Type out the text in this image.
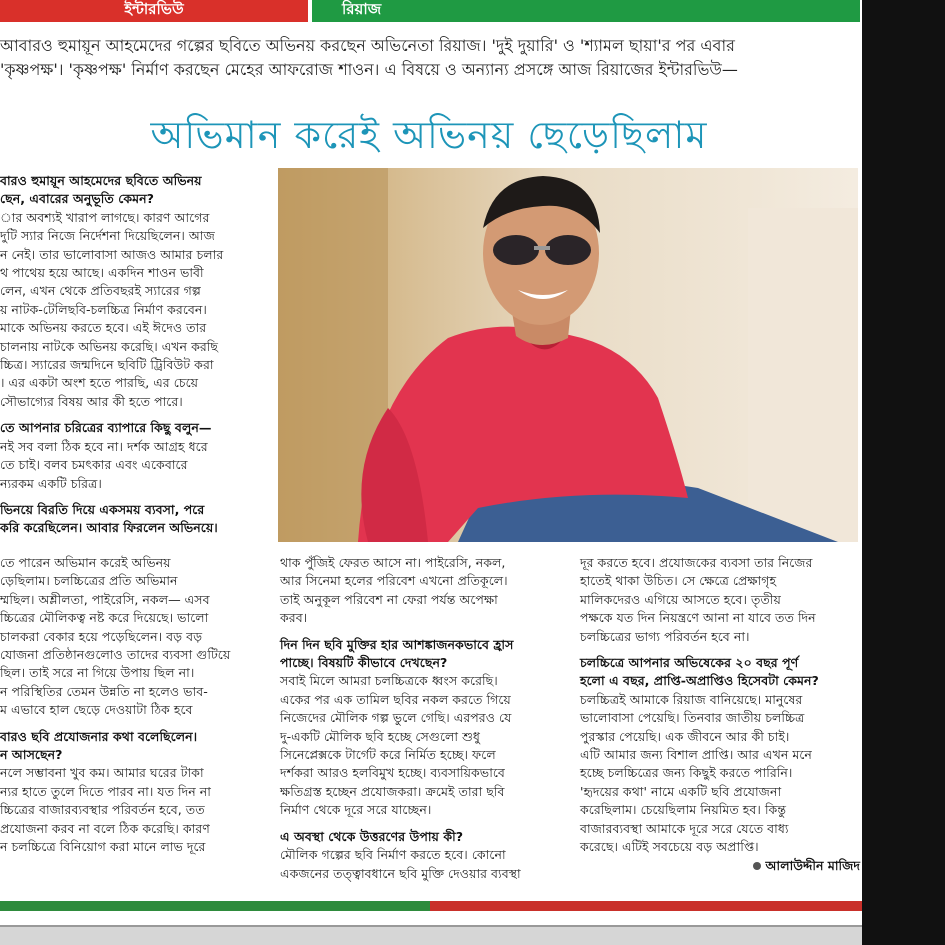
ইন্টারভিউ	রিয়াজ
আবারও হুমায়ূন আহমেদের গল্পের ছবিতে অভিনয় করছেন অভিনেতা রিয়াজ। 'দুই দুয়ারি' ও 'শ্যামল ছায়া'র পর এবার
'কৃষ্ণপক্ষ'। 'কৃষ্ণপক্ষ' নির্মাণ করছেন মেহের আফরোজ শাওন। এ বিষয়ে ও অন্যান্য প্রসঙ্গে আজ রিয়াজের ইন্টারভিউ—
অভিমান করেই অভিনয় ছেড়েছিলাম

বারও হুমায়ূন আহমেদের ছবিতে অভিনয়

ছেন, এবারের অনুভূতি কেমন?

ার অবশ্যই খারাপ লাগছে। কারণ আগের

দুটি স্যার নিজে নির্দেশনা দিয়েছিলেন। আজ

ন নেই। তার ভালোবাসা আজও আমার চলার

থ পাথেয় হয়ে আছে। একদিন শাওন ভাবী

লেন, এখন থেকে প্রতিবছরই স্যারের গল্প

য় নাটক-টেলিছবি-চলচ্চিত্র নির্মাণ করবেন।

মাকে অভিনয় করতে হবে। এই ঈদেও তার

চালনায় নাটকে অভিনয় করেছি। এখন করছি

চ্চিত্র। স্যারের জন্মদিনে ছবিটি ট্রিবিউট করা

। এর একটা অংশ হতে পারছি, এর চেয়ে

সৌভাগ্যের বিষয় আর কী হতে পারে।

তে আপনার চরিত্রের ব্যাপারে কিছু বলুন—

নই সব বলা ঠিক হবে না। দর্শক আগ্রহ ধরে

তে চাই। বলব চমৎকার এবং একেবারে

ন্যরকম একটি চরিত্র।

ভিনয়ে বিরতি দিয়ে একসময় ব্যবসা, পরে

করি করেছিলেন। আবার ফিরলেন অভিনয়ে।

তে পারেন অভিমান করেই অভিনয়

ড়েছিলাম। চলচ্চিত্রের প্রতি অভিমান

ম্মছিল। অশ্লীলতা, পাইরেসি, নকল— এসব

চ্চিত্রের মৌলিকত্ব নষ্ট করে দিয়েছে। ভালো

চালকরা বেকার হয়ে পড়েছিলেন। বড় বড়

যোজনা প্রতিষ্ঠানগুলোও তাদের ব্যবসা গুটিয়ে

ছিল। তাই সরে না গিয়ে উপায় ছিল না।

ন পরিস্থিতির তেমন উন্নতি না হলেও ভাব-

ম এভাবে হাল ছেড়ে দেওয়াটা ঠিক হবে

বারও ছবি প্রযোজনার কথা বলেছিলেন।

ন আসছেন?

নলে সম্ভাবনা খুব কম। আমার ঘরের টাকা

ন্যর হাতে তুলে দিতে পারব না। যত দিন না

চ্চিত্রের বাজারব্যবস্থার পরিবর্তন হবে, তত

প্রযোজনা করব না বলে ঠিক করেছি। কারণ

ন চলচ্চিত্রে বিনিয়োগ করা মানে লাভ দূরে

থাক পুঁজিই ফেরত আসে না। পাইরেসি, নকল,

আর সিনেমা হলের পরিবেশ এখনো প্রতিকূলে।

তাই অনুকূল পরিবেশ না ফেরা পর্যন্ত অপেক্ষা

করব।

দিন দিন ছবি মুক্তির হার আশঙ্কাজনকভাবে হ্রাস

পাচ্ছে। বিষয়টি কীভাবে দেখছেন?

সবাই মিলে আমরা চলচ্চিত্রকে ধ্বংস করেছি।

একের পর এক তামিল ছবির নকল করতে গিয়ে

নিজেদের মৌলিক গল্প ভুলে গেছি। এরপরও যে

দু-একটি মৌলিক ছবি হচ্ছে সেগুলো শুধু

সিনেপ্লেক্সকে টার্গেট করে নির্মিত হচ্ছে। ফলে

দর্শকরা আরও হলবিমুখ হচ্ছে। ব্যবসায়িকভাবে

ক্ষতিগ্রস্ত হচ্ছেন প্রযোজকরা। ক্রমেই তারা ছবি

নির্মাণ থেকে দূরে সরে যাচ্ছেন।

এ অবস্থা থেকে উত্তরণের উপায় কী?

মৌলিক গল্পের ছবি নির্মাণ করতে হবে। কোনো

একজনের তত্ত্বাবধানে ছবি মুক্তি দেওয়ার ব্যবস্থা

দূর করতে হবে। প্রযোজকের ব্যবসা তার নিজের

হাতেই থাকা উচিত। সে ক্ষেত্রে প্রেক্ষাগৃহ

মালিকদেরও এগিয়ে আসতে হবে। তৃতীয়

পক্ষকে যত দিন নিয়ন্ত্রণে আনা না যাবে তত দিন

চলচ্চিত্রের ভাগ্য পরিবর্তন হবে না।

চলচ্চিত্রে আপনার অভিষেকের ২০ বছর পূর্ণ

হলো এ বছর, প্রাপ্তি-অপ্রাপ্তিও হিসেবটা কেমন?

চলচ্চিত্রই আমাকে রিয়াজ বানিয়েছে। মানুষের

ভালোবাসা পেয়েছি। তিনবার জাতীয় চলচ্চিত্র

পুরস্কার পেয়েছি। এক জীবনে আর কী চাই।

এটি আমার জন্য বিশাল প্রাপ্তি। আর এখন মনে

হচ্ছে চলচ্চিত্রের জন্য কিছুই করতে পারিনি।

'হৃদয়ের কথা' নামে একটি ছবি প্রযোজনা

করেছিলাম। চেয়েছিলাম নিয়মিত হব। কিন্তু

বাজারব্যবস্থা আমাকে দূরে সরে যেতে বাধ্য

করেছে। এটিই সবচেয়ে বড় অপ্রাপ্তি।

আলাউদ্দীন মাজিদ
